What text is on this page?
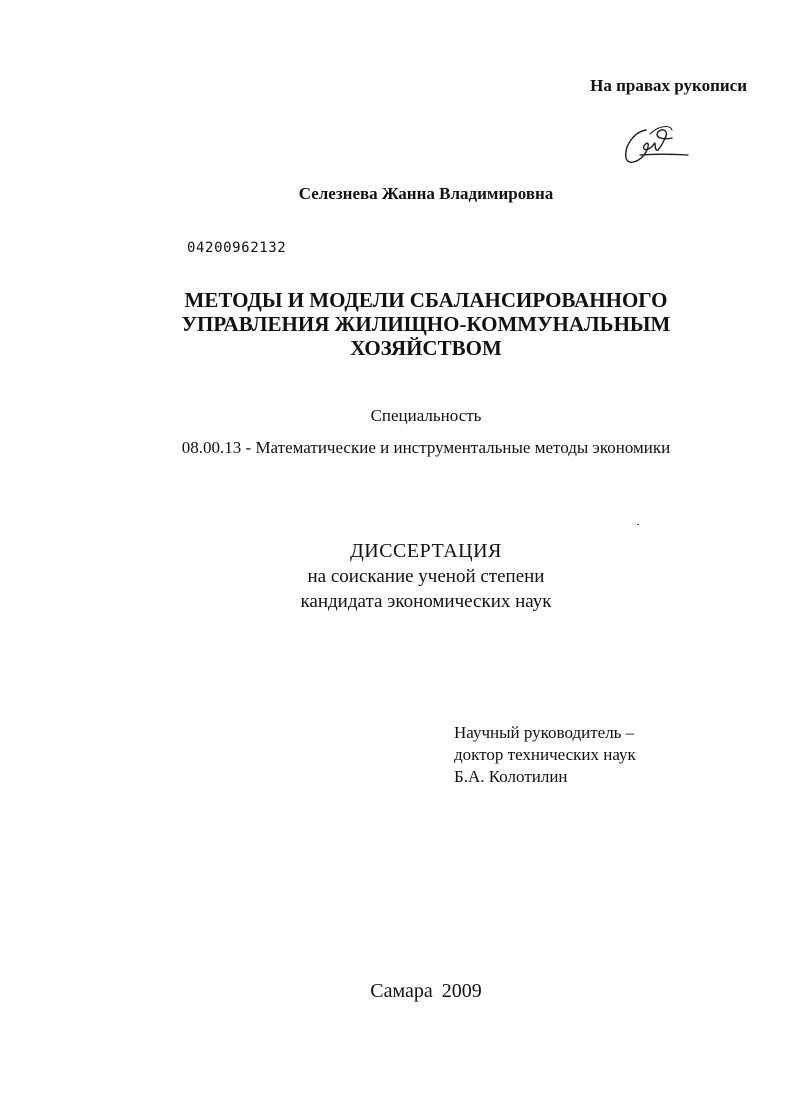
На правах рукописи
Селезнева Жанна Владимировна
04200962132
МЕТОДЫ И МОДЕЛИ СБАЛАНСИРОВАННОГО
УПРАВЛЕНИЯ ЖИЛИЩНО-КОММУНАЛЬНЫМ
ХОЗЯЙСТВОМ
Специальность
08.00.13 - Математические и инструментальные методы экономики
ДИССЕРТАЦИЯ
на соискание ученой степени
кандидата экономических наук
Научный руководитель –
доктор технических наук
Б.А. Колотилин
Самара 2009
